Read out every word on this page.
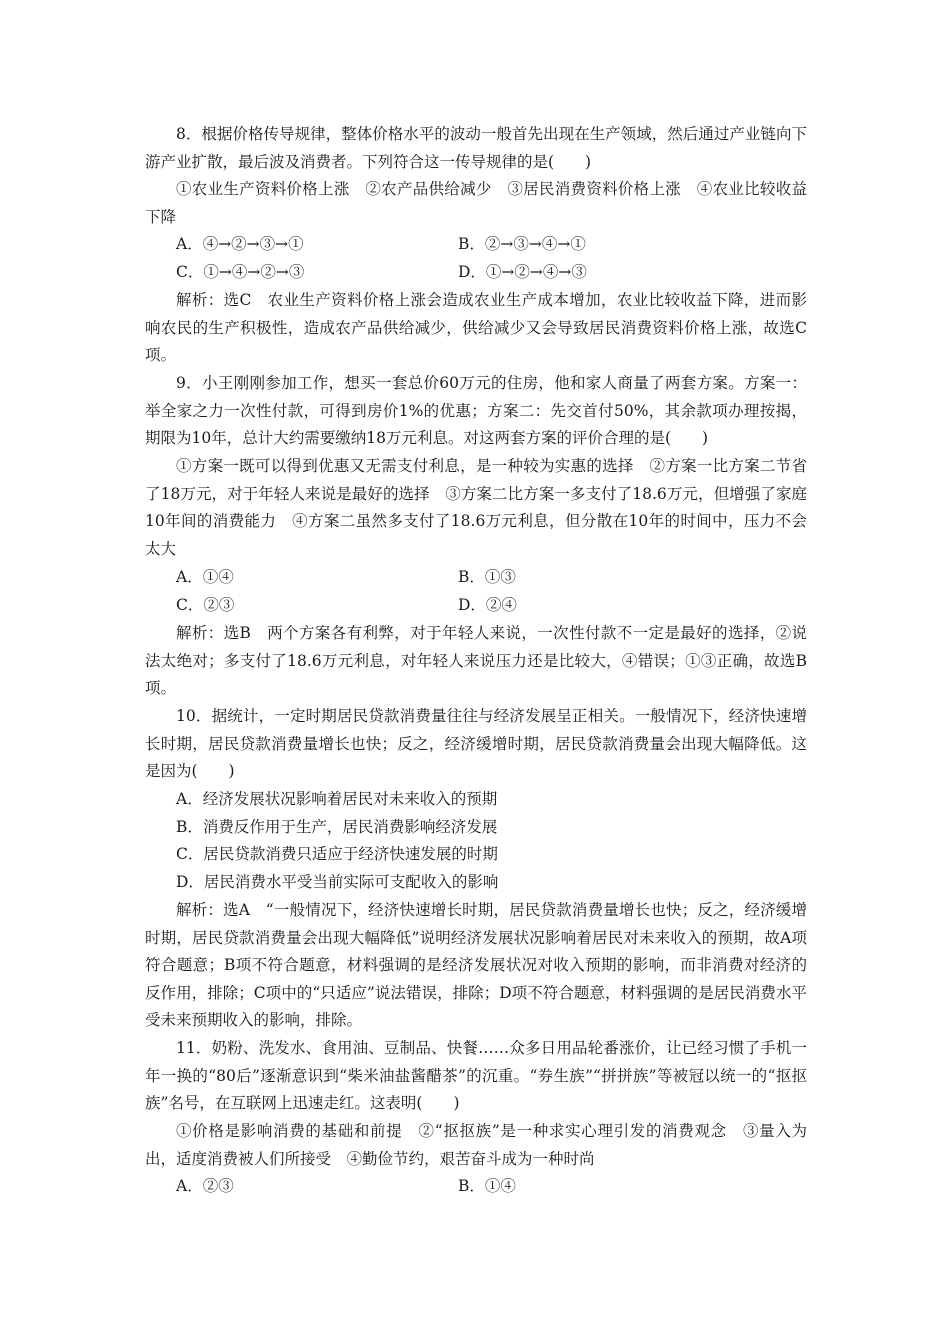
8．根据价格传导规律，整体价格水平的波动一般首先出现在生产领域，然后通过产业链向下游产业扩散，最后波及消费者。下列符合这一传导规律的是(　　)

①农业生产资料价格上涨　②农产品供给减少　③居民消费资料价格上涨　④农业比较收益下降

A．④→②→③→①	B．②→③→④→①

C．①→④→②→③	D．①→②→④→③

解析：选C　农业生产资料价格上涨会造成农业生产成本增加，农业比较收益下降，进而影响农民的生产积极性，造成农产品供给减少，供给减少又会导致居民消费资料价格上涨，故选C项。

9．小王刚刚参加工作，想买一套总价60万元的住房，他和家人商量了两套方案。方案一：举全家之力一次性付款，可得到房价1%的优惠；方案二：先交首付50%，其余款项办理按揭，期限为10年，总计大约需要缴纳18万元利息。对这两套方案的评价合理的是(　　)

①方案一既可以得到优惠又无需支付利息，是一种较为实惠的选择　②方案一比方案二节省了18万元，对于年轻人来说是最好的选择　③方案二比方案一多支付了18.6万元，但增强了家庭10年间的消费能力　④方案二虽然多支付了18.6万元利息，但分散在10年的时间中，压力不会太大

A．①④	B．①③

C．②③	D．②④

解析：选B　两个方案各有利弊，对于年轻人来说，一次性付款不一定是最好的选择，②说法太绝对；多支付了18.6万元利息，对年轻人来说压力还是比较大，④错误；①③正确，故选B项。

10．据统计，一定时期居民贷款消费量往往与经济发展呈正相关。一般情况下，经济快速增长时期，居民贷款消费量增长也快；反之，经济缓增时期，居民贷款消费量会出现大幅降低。这是因为(　　)

A．经济发展状况影响着居民对未来收入的预期

B．消费反作用于生产，居民消费影响经济发展

C．居民贷款消费只适应于经济快速发展的时期

D．居民消费水平受当前实际可支配收入的影响

解析：选A　“一般情况下，经济快速增长时期，居民贷款消费量增长也快；反之，经济缓增时期，居民贷款消费量会出现大幅降低”说明经济发展状况影响着居民对未来收入的预期，故A项符合题意；B项不符合题意，材料强调的是经济发展状况对收入预期的影响，而非消费对经济的反作用，排除；C项中的“只适应”说法错误，排除；D项不符合题意，材料强调的是居民消费水平受未来预期收入的影响，排除。

11．奶粉、洗发水、食用油、豆制品、快餐……众多日用品轮番涨价，让已经习惯了手机一年一换的“80后”逐渐意识到“柴米油盐酱醋茶”的沉重。“券生族”“拼拼族”等被冠以统一的“抠抠族”名号，在互联网上迅速走红。这表明(　　)

①价格是影响消费的基础和前提　②“抠抠族”是一种求实心理引发的消费观念　③量入为出，适度消费被人们所接受　④勤俭节约，艰苦奋斗成为一种时尚

A．②③	B．①④
